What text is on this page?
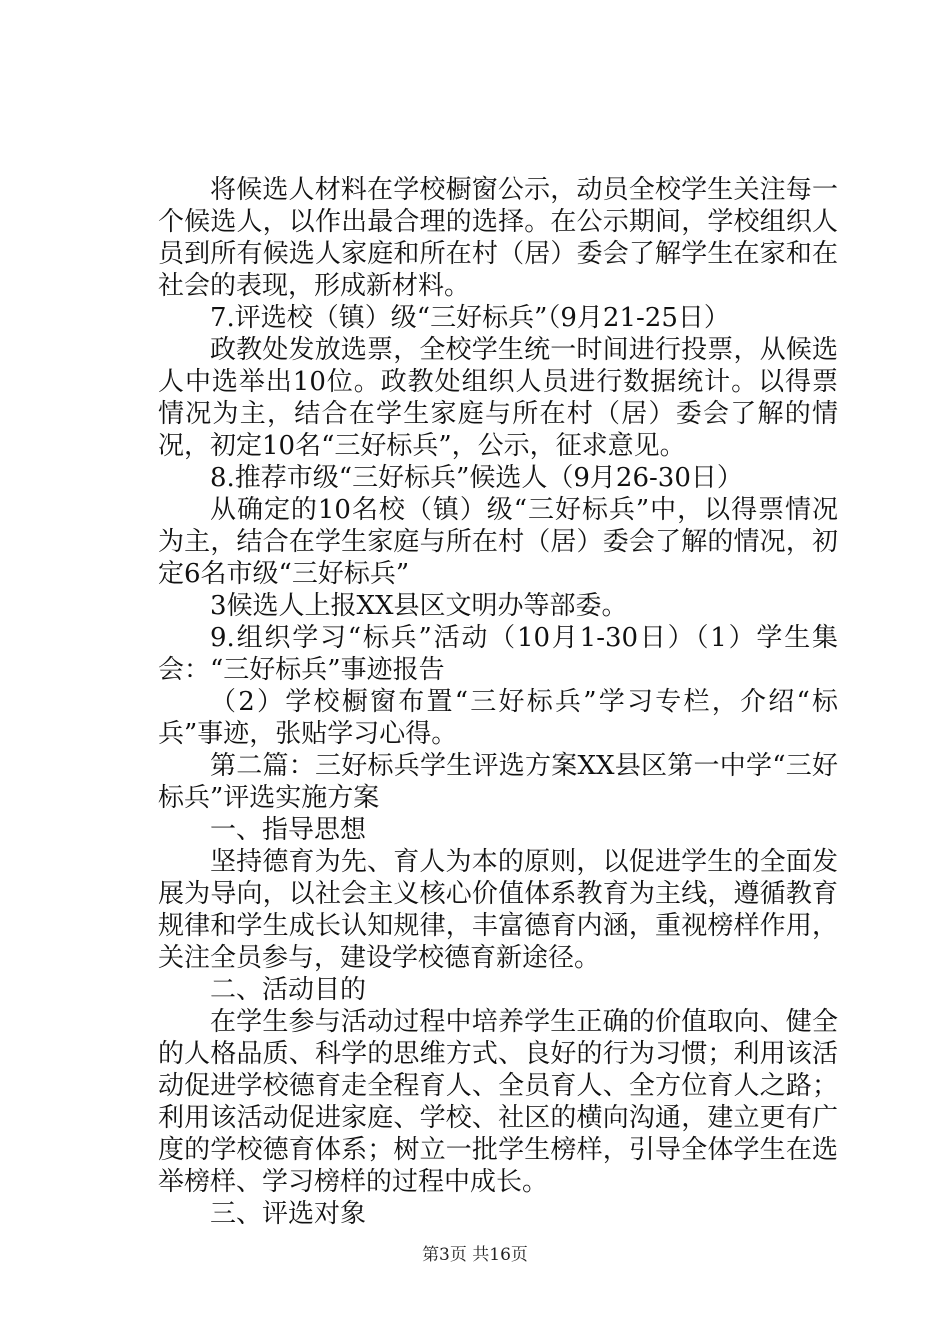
将候选人材料在学校橱窗公示，动员全校学生关注每一个候选人，以作出最合理的选择。在公示期间，学校组织人员到所有候选人家庭和所在村（居）委会了解学生在家和在社会的表现，形成新材料。

7.评选校（镇）级“三好标兵”（9月21-25日）

政教处发放选票，全校学生统一时间进行投票，从候选人中选举出10位。政教处组织人员进行数据统计。以得票情况为主，结合在学生家庭与所在村（居）委会了解的情况，初定10名“三好标兵”，公示，征求意见。

8.推荐市级“三好标兵”候选人（9月26-30日）

从确定的10名校（镇）级“三好标兵”中，以得票情况为主，结合在学生家庭与所在村（居）委会了解的情况，初定6名市级“三好标兵”

3候选人上报XX县区文明办等部委。

9.组织学习“标兵”活动（10月1-30日）（1）学生集会：“三好标兵”事迹报告

（2）学校橱窗布置“三好标兵”学习专栏，介绍“标兵”事迹，张贴学习心得。

第二篇：三好标兵学生评选方案XX县区第一中学“三好标兵”评选实施方案

一、指导思想

坚持德育为先、育人为本的原则，以促进学生的全面发展为导向，以社会主义核心价值体系教育为主线，遵循教育规律和学生成长认知规律，丰富德育内涵，重视榜样作用，关注全员参与，建设学校德育新途径。

二、活动目的

在学生参与活动过程中培养学生正确的价值取向、健全的人格品质、科学的思维方式、良好的行为习惯；利用该活动促进学校德育走全程育人、全员育人、全方位育人之路；利用该活动促进家庭、学校、社区的横向沟通，建立更有广度的学校德育体系；树立一批学生榜样，引导全体学生在选举榜样、学习榜样的过程中成长。

三、评选对象

第3页 共16页
